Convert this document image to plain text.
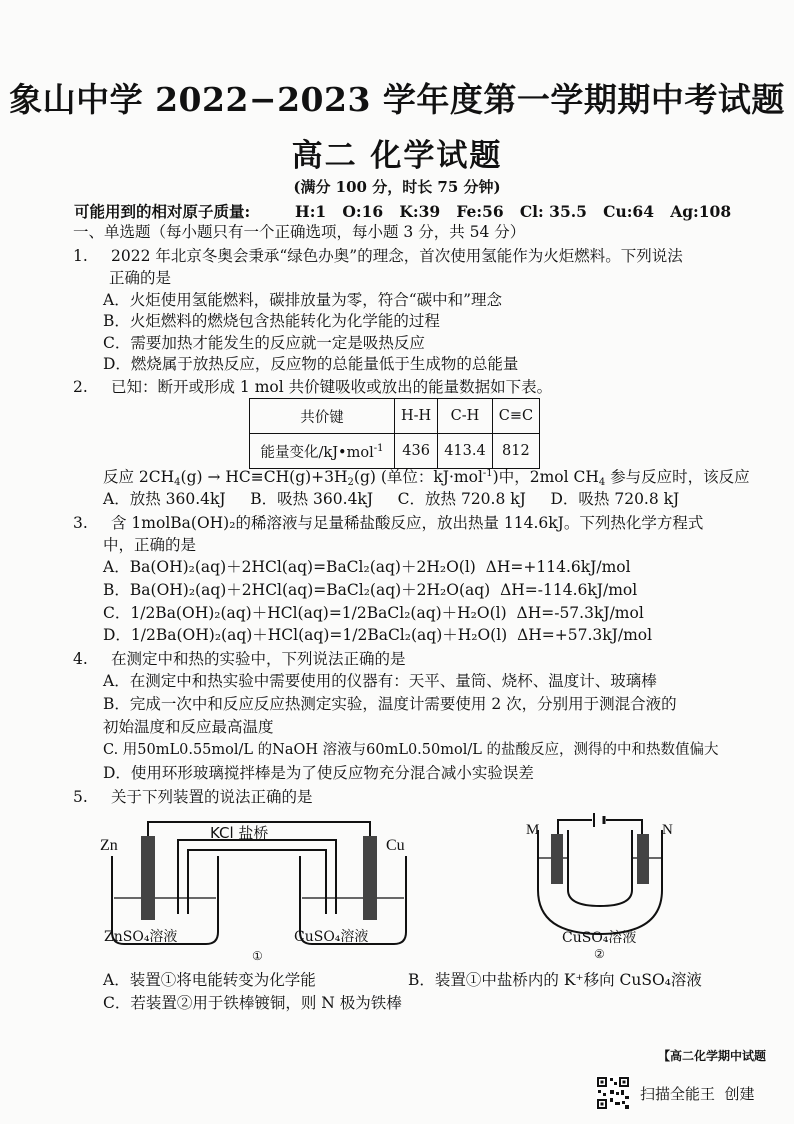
象山中学 2022−2023 学年度第一学期期中考试题
高二 化学试题
(满分 100 分，时长 75 分钟)
可能用到的相对原子质量:	H:1   O:16   K:39   Fe:56   Cl: 35.5   Cu:64   Ag:108
一、单选题（每小题只有一个正确选项，每小题 3 分，共 54 分）
1. 2022 年北京冬奥会秉承“绿色办奥”的理念，首次使用氢能作为火炬燃料。下列说法
正确的是
A．火炬使用氢能燃料，碳排放量为零，符合“碳中和”理念
B．火炬燃料的燃烧包含热能转化为化学能的过程
C．需要加热才能发生的反应就一定是吸热反应
D．燃烧属于放热反应，反应物的总能量低于生成物的总能量
2. 已知：断开或形成 1 mol 共价键吸收或放出的能量数据如下表。
共价键	H-H	C-H	C≡C
能量变化/kJ•mol$^{-1}$	436	413.4	812
反应 $2CH_4(g) \to HC\equiv CH(g)+3H_2(g)$ (单位：kJ·mol$^{-1}$)中，2mol $CH_4$ 参与反应时，该反应
A．放热 360.4kJ     B．吸热 360.4kJ     C．放热 720.8 kJ     D．吸热 720.8 kJ
3. 含 1molBa(OH)₂的稀溶液与足量稀盐酸反应，放出热量 114.6kJ。下列热化学方程式
中，正确的是
A．Ba(OH)₂(aq)＋2HCl(aq)=BaCl₂(aq)＋2H₂O(l)  ΔH=+114.6kJ/mol
B．Ba(OH)₂(aq)＋2HCl(aq)=BaCl₂(aq)＋2H₂O(aq)  ΔH=-114.6kJ/mol
C．1/2Ba(OH)₂(aq)＋HCl(aq)=1/2BaCl₂(aq)＋H₂O(l)  ΔH=-57.3kJ/mol
D．1/2Ba(OH)₂(aq)＋HCl(aq)=1/2BaCl₂(aq)＋H₂O(l)  ΔH=+57.3kJ/mol
4. 在测定中和热的实验中，下列说法正确的是
A．在测定中和热实验中需要使用的仪器有：天平、量筒、烧杯、温度计、玻璃棒
B．完成一次中和反应反应热测定实验，温度计需要使用 2 次，分别用于测混合液的
初始温度和反应最高温度
C. 用50mL0.55mol/L 的NaOH 溶液与60mL0.50mol/L 的盐酸反应，测得的中和热数值偏大
D．使用环形玻璃搅拌棒是为了使反应物充分混合减小实验误差
5. 关于下列装置的说法正确的是
Zn	Cu
KCl 盐桥
ZnSO₄溶液	CuSO₄溶液
①
M	N
CuSO₄溶液
②
A．装置①将电能转变为化学能	B．装置①中盐桥内的 K⁺移向 CuSO₄溶液
C．若装置②用于铁棒镀铜，则 N 极为铁棒
【高二化学期中试题
扫描全能王  创建
